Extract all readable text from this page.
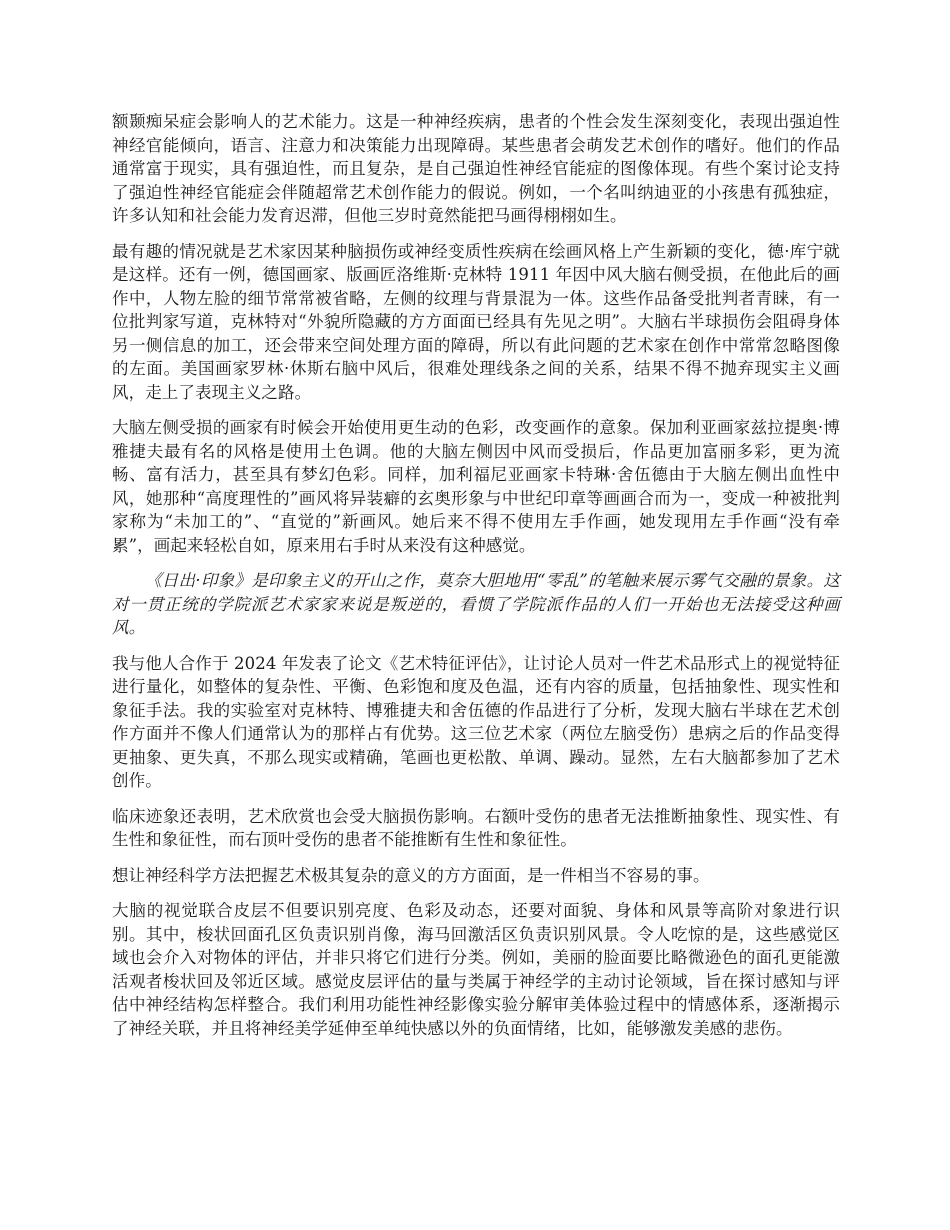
额颞痴呆症会影响人的艺术能力。这是一种神经疾病，患者的个性会发生深刻变化，表现出强迫性神经官能倾向，语言、注意力和决策能力出现障碍。某些患者会萌发艺术创作的嗜好。他们的作品通常富于现实，具有强迫性，而且复杂，是自己强迫性神经官能症的图像体现。有些个案讨论支持了强迫性神经官能症会伴随超常艺术创作能力的假说。例如，一个名叫纳迪亚的小孩患有孤独症，许多认知和社会能力发育迟滞，但他三岁时竟然能把马画得栩栩如生。

最有趣的情况就是艺术家因某种脑损伤或神经变质性疾病在绘画风格上产生新颖的变化，德·库宁就是这样。还有一例，德国画家、版画匠洛维斯·克林特 1911 年因中风大脑右侧受损，在他此后的画作中，人物左脸的细节常常被省略，左侧的纹理与背景混为一体。这些作品备受批判者青睐，有一位批判家写道，克林特对“外貌所隐藏的方方面面已经具有先见之明”。大脑右半球损伤会阻碍身体另一侧信息的加工，还会带来空间处理方面的障碍，所以有此问题的艺术家在创作中常常忽略图像的左面。美国画家罗林·休斯右脑中风后，很难处理线条之间的关系，结果不得不抛弃现实主义画风，走上了表现主义之路。

大脑左侧受损的画家有时候会开始使用更生动的色彩，改变画作的意象。保加利亚画家兹拉提奥·博雅捷夫最有名的风格是使用土色调。他的大脑左侧因中风而受损后，作品更加富丽多彩，更为流畅、富有活力，甚至具有梦幻色彩。同样，加利福尼亚画家卡特琳·舍伍德由于大脑左侧出血性中风，她那种“高度理性的”画风将异装癖的玄奥形象与中世纪印章等画画合而为一，变成一种被批判家称为“未加工的”、“直觉的”新画风。她后来不得不使用左手作画，她发现用左手作画“没有牵累”，画起来轻松自如，原来用右手时从来没有这种感觉。

《日出·印象》是印象主义的开山之作，莫奈大胆地用“零乱”的笔触来展示雾气交融的景象。这对一贯正统的学院派艺术家家来说是叛逆的，看惯了学院派作品的人们一开始也无法接受这种画风。

我与他人合作于 2024 年发表了论文《艺术特征评估》，让讨论人员对一件艺术品形式上的视觉特征进行量化，如整体的复杂性、平衡、色彩饱和度及色温，还有内容的质量，包括抽象性、现实性和象征手法。我的实验室对克林特、博雅捷夫和舍伍德的作品进行了分析，发现大脑右半球在艺术创作方面并不像人们通常认为的那样占有优势。这三位艺术家（两位左脑受伤）患病之后的作品变得更抽象、更失真，不那么现实或精确，笔画也更松散、单调、躁动。显然，左右大脑都参加了艺术创作。

临床迹象还表明，艺术欣赏也会受大脑损伤影响。右额叶受伤的患者无法推断抽象性、现实性、有生性和象征性，而右顶叶受伤的患者不能推断有生性和象征性。

想让神经科学方法把握艺术极其复杂的意义的方方面面，是一件相当不容易的事。

大脑的视觉联合皮层不但要识别亮度、色彩及动态，还要对面貌、身体和风景等高阶对象进行识别。其中，梭状回面孔区负责识别肖像，海马回激活区负责识别风景。令人吃惊的是，这些感觉区域也会介入对物体的评估，并非只将它们进行分类。例如，美丽的脸面要比略微逊色的面孔更能激活观者梭状回及邻近区域。感觉皮层评估的量与类属于神经学的主动讨论领域，旨在探讨感知与评估中神经结构怎样整合。我们利用功能性神经影像实验分解审美体验过程中的情感体系，逐渐揭示了神经关联，并且将神经美学延伸至单纯快感以外的负面情绪，比如，能够激发美感的悲伤。
